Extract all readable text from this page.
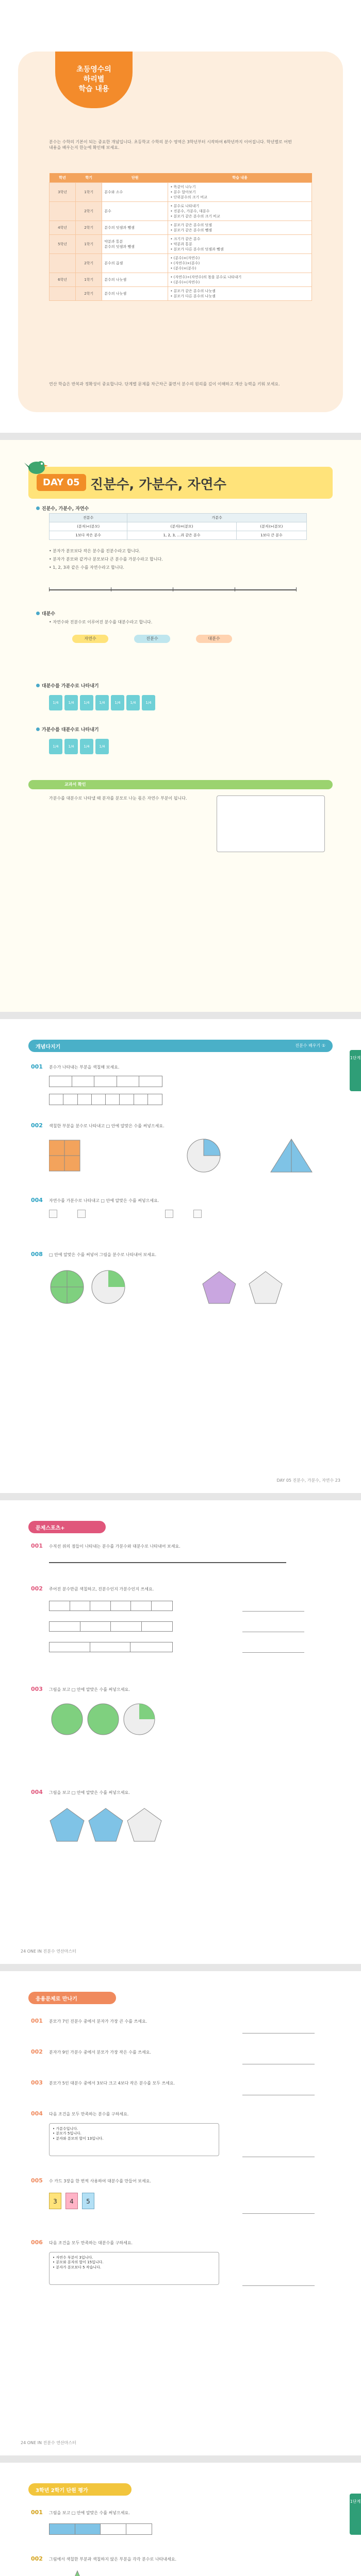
초등영수의
하리별
학습 내용
분수는 수학의 기본이 되는 중요한 개념입니다. 초등학교 수학의 분수 영역은 3학년부터 시작하여 6학년까지 이어집니다. 학년별로 어떤 내용을 배우는지 한눈에 확인해 보세요.
학년	학기	단원	학습 내용
3학년	1학기	분수와 소수	• 똑같이 나누기
• 분수 알아보기
• 단위분수의 크기 비교
	2학기	분수	• 분수로 나타내기
• 진분수, 가분수, 대분수
• 분모가 같은 분수의 크기 비교
4학년	2학기	분수의 덧셈과 뺄셈	• 분모가 같은 분수의 덧셈
• 분모가 같은 분수의 뺄셈
5학년	1학기	약분과 통분
분수의 덧셈과 뺄셈	• 크기가 같은 분수
• 약분과 통분
• 분모가 다른 분수의 덧셈과 뺄셈
	2학기	분수의 곱셈	• (분수)×(자연수)
• (자연수)×(분수)
• (분수)×(분수)
6학년	1학기	분수의 나눗셈	• (자연수)÷(자연수)의 몫을 분수로 나타내기
• (분수)÷(자연수)
	2학기	분수의 나눗셈	• 분모가 같은 분수의 나눗셈
• 분모가 다른 분수의 나눗셈
연산 학습은 반복과 정확성이 중요합니다. 단계별 문제를 차근차근 풀면서 분수의 원리를 깊이 이해하고 계산 능력을 키워 보세요.
DAY 05 진분수, 가분수, 자연수
진분수, 가분수, 자연수
진분수	가분수	
(분자)<(분모)	(분자)=(분모)	(분자)>(분모)
1보다 작은 분수	1, 2, 3, …과 같은 분수	1보다 큰 분수
• 분자가 분모보다 작은 분수를 진분수라고 합니다.
• 분자가 분모와 같거나 분모보다 큰 분수를 가분수라고 합니다.
• 1, 2, 3과 같은 수를 자연수라고 합니다.
대분수
• 자연수와 진분수로 이루어진 분수를 대분수라고 합니다.
자연수	진분수	대분수
대분수를 가분수로 나타내기
1/4	1/4	1/4	1/4	1/4	1/4	1/4
가분수를 대분수로 나타내기
1/4	1/4	1/4	1/4
교과서 확인
가분수를 대분수로 나타낼 때 분자를 분모로 나눈 몫은 자연수 부분이 됩니다.
개념다지기	진분수 배우기 ①
1단계
001 분수가 나타내는 부분을 색칠해 보세요.
002 색칠한 부분을 분수로 나타내고 □ 안에 알맞은 수를 써넣으세요.
004 자연수를 가분수로 나타내고 □ 안에 알맞은 수를 써넣으세요.
008 □ 안에 알맞은 수를 써넣어 그림을 분수로 나타내어 보세요.
DAY 05 진분수, 가분수, 자연수 23
문제스포츠+
001 수직선 위의 점들이 나타내는 분수를 가분수와 대분수로 나타내어 보세요.
002 주어진 분수만큼 색칠하고, 진분수인지 가분수인지 쓰세요.
003 그림을 보고 □ 안에 알맞은 수를 써넣으세요.
004 그림을 보고 □ 안에 알맞은 수를 써넣으세요.
24 ONE IN 진분수 연산마스터
응용문제로 만나기
001 분모가 7인 진분수 중에서 분자가 가장 큰 수를 쓰세요.
002 분자가 9인 가분수 중에서 분모가 가장 작은 수를 쓰세요.
003 분모가 5인 대분수 중에서 3보다 크고 4보다 작은 분수를 모두 쓰세요.
004 다음 조건을 모두 만족하는 분수를 구하세요.
• 가분수입니다.
• 분모가 5입니다.
• 분자와 분모의 합이 13입니다.
005 수 카드 3장을 한 번씩 사용하여 대분수를 만들어 보세요.
3	4	5
006 다음 조건을 모두 만족하는 대분수를 구하세요.
• 자연수 부분이 3입니다.
• 분모와 분자의 합이 15입니다.
• 분자가 분모보다 5 작습니다.
24 ONE IN 진분수 연산마스터
3학년 2학기 단원 평가
1단계
001 그림을 보고 □ 안에 알맞은 수를 써넣으세요.
002 그림에서 색칠한 부분과 색칠하지 않은 부분을 각각 분수로 나타내세요.
